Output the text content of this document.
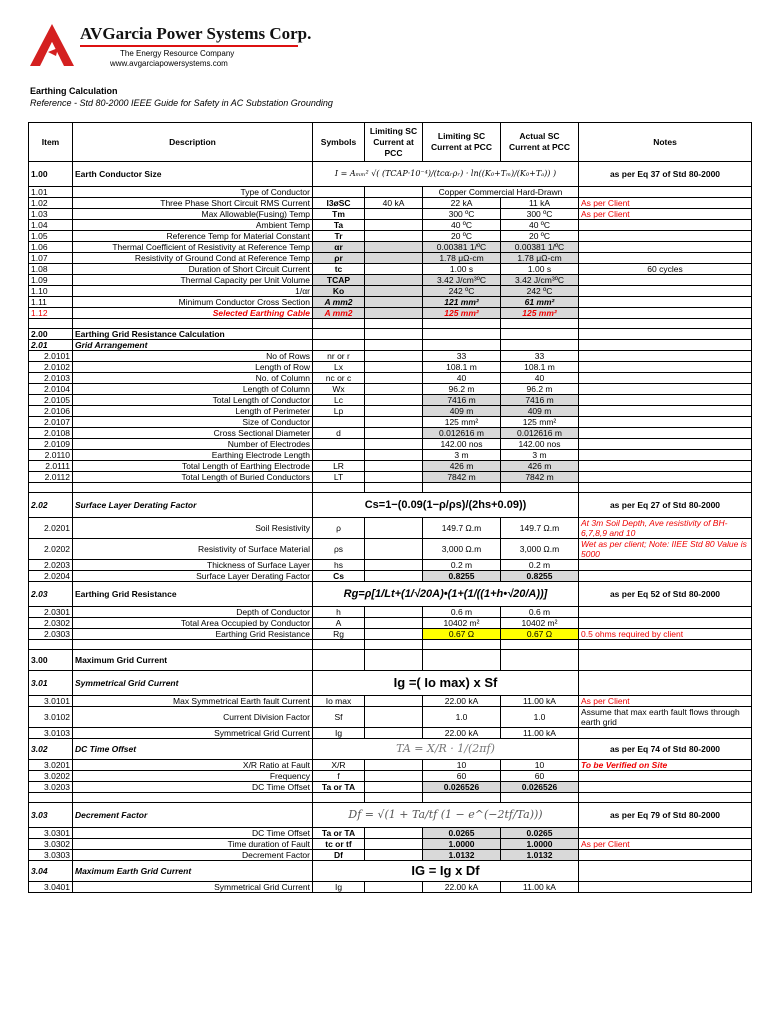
AVGarcia Power Systems Corp.
The Energy Resource Company
www.avgarciapowersystems.com
Earthing Calculation
Reference - Std 80-2000 IEEE Guide for Safety in AC Substation Grounding
Item	Description	Symbols	Limiting SC Current at PCC	Limiting SC Current at PCC	Actual SC Current at PCC	Notes
1.00	Earth Conductor Size	I = Aₘₘ² √( (TCAP·10⁻⁴)/(tᴄαᵣρᵣ) · ln((K₀+Tₘ)/(K₀+Tₐ)) )				as per Eq 37 of Std 80-2000
1.01	Type of Conductor			Copper Commercial Hard-Drawn		
1.02	Three Phase Short Circuit RMS Current	I3øSC	40 kA	22 kA	11 kA	As per Client
1.03	Max Allowable(Fusing) Temp	Tm		300 ºC	300 ºC	As per Client
1.04	Ambient Temp	Ta		40 ºC	40 ºC	
1.05	Reference Temp for Material Constant	Tr		20 ºC	20 ºC	
1.06	Thermal Coefficient of Resistivity at Reference Temp	αr		0.00381 1/ºC	0.00381 1/ºC	
1.07	Resistivity of Ground Cond at Reference Temp	ρr		1.78 μΩ-cm	1.78 μΩ-cm	
1.08	Duration of Short Circuit Current	tc		1.00 s	1.00 s	60 cycles
1.09	Thermal Capacity per Unit Volume	TCAP		3.42 J/cm³ºC	3.42 J/cm³ºC	
1.10	1/αr	Ko		242 ºC	242 ºC	
1.11	Minimum Conductor Cross Section	A mm2		121 mm²	61 mm²	
1.12	Selected Earthing Cable	A mm2		125 mm²	125 mm²	

2.00	Earthing Grid Resistance Calculation					
2.01	Grid Arrangement					
2.0101	No of Rows	nr or r		33	33	
2.0102	Length of Row	Lx		108.1 m	108.1 m	
2.0103	No. of Column	nc or c		40	40	
2.0104	Length of Column	Wx		96.2 m	96.2 m	
2.0105	Total Length of Conductor	Lc		7416 m	7416 m	
2.0106	Length of Perimeter	Lp		409 m	409 m	
2.0107	Size of Conductor			125 mm²	125 mm²	
2.0108	Cross Sectional Diameter	d		0.012616 m	0.012616 m	
2.0109	Number of Electrodes			142.00 nos	142.00 nos	
2.0110	Earthing Electrode Length			3 m	3 m	
2.0111	Total Length of Earthing Electrode	LR		426 m	426 m	
2.0112	Total Length of Buried Conductors	LT		7842 m	7842 m	

2.02	Surface Layer Derating Factor	Cs=1−(0.09(1−ρ/ρs)/(2hs+0.09))				as per Eq 27 of Std 80-2000
2.0201	Soil Resistivity	ρ		149.7 Ω.m	149.7 Ω.m	At 3m Soil Depth, Ave resistivity of BH-6,7,8,9 and 10
2.0202	Resistivity of Surface Material	ρs		3,000 Ω.m	3,000 Ω.m	Wet as per client; Note: IIEE Std 80 Value is 5000
2.0203	Thickness of Surface Layer	hs		0.2 m	0.2 m	
2.0204	Surface Layer Derating Factor	Cs		0.8255	0.8255	
2.03	Earthing Grid Resistance	Rg=ρ[1/Lt+(1/√20A)•(1+(1/((1+h•√20/A))]				as per Eq 52 of Std 80-2000
2.0301	Depth of Conductor	h		0.6 m	0.6 m	
2.0302	Total Area Occupied by Conductor	A		10402 m²	10402 m²	
2.0303	Earthing Grid Resistance	Rg		0.67 Ω	0.67 Ω	0.5 ohms required by client

3.00	Maximum Grid Current					
3.01	Symmetrical Grid Current	Ig =( Io max) x Sf				
3.0101	Max Symmetrical Earth fault Current	Io max		22.00 kA	11.00 kA	As per Client
3.0102	Current Division Factor	Sf		1.0	1.0	Assume that max earth fault flows through earth grid
3.0103	Symmetrical Grid Current	Ig		22.00 kA	11.00 kA	
3.02	DC Time Offset	TA = X/R · 1/(2πf)				as per Eq 74 of Std 80-2000
3.0201	X/R Ratio at Fault	X/R		10	10	To be Verified on Site
3.0202	Frequency	f		60	60	
3.0203	DC Time Offset	Ta or TA		0.026526	0.026526	

3.03	Decrement Factor	Df = √(1 + Ta/tf (1 − e^(−2tf/Ta)))				as per Eq 79 of Std 80-2000
3.0301	DC Time Offset	Ta or TA		0.0265	0.0265	
3.0302	Time duration of Fault	tc or tf		1.0000	1.0000	As per Client
3.0303	Decrement Factor	Df		1.0132	1.0132	
3.04	Maximum Earth Grid Current	IG = Ig x Df				
3.0401	Symmetrical Grid Current	Ig		22.00 kA	11.00 kA	
